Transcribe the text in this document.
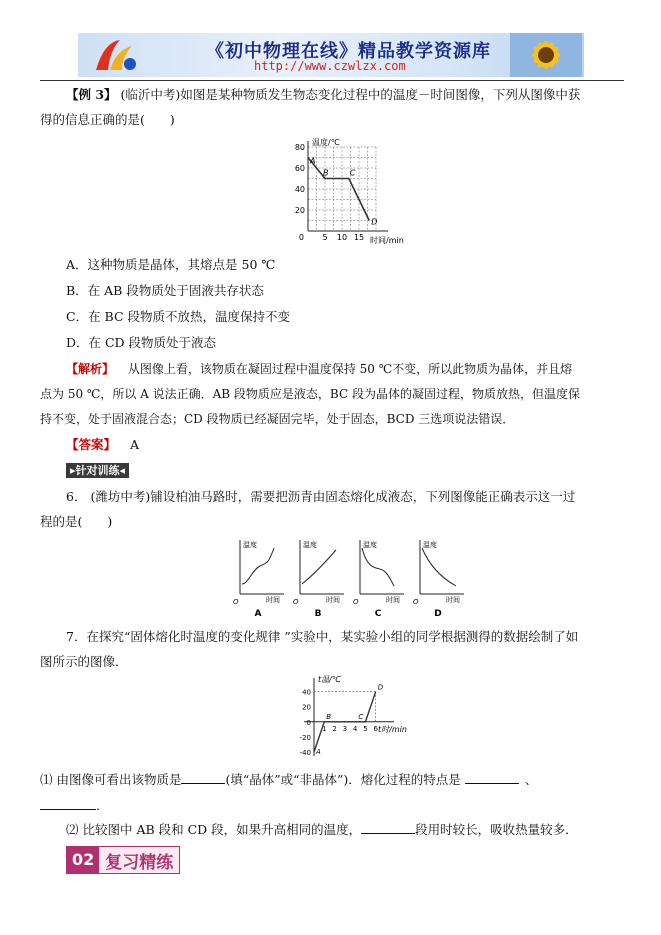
《初中物理在线》精品教学资源库
http://www.czwlzx.com
【例 3】 (临沂中考)如图是某种物质发生物态变化过程中的温度－时间图像，下列从图像中获
得的信息正确的是(　　)
20
40
60
80
5 10 15
0
A
B	C
D
温度/℃
时间/min
A．这种物质是晶体，其熔点是 50 ℃
B．在 AB 段物质处于固液共存状态
C．在 BC 段物质不放热，温度保持不变
D．在 CD 段物质处于液态
【解析】 从图像上看，该物质在凝固过程中温度保持 50 ℃不变，所以此物质为晶体，并且熔
点为 50 ℃，所以 A 说法正确．AB 段物质应是液态，BC 段为晶体的凝固过程，物质放热，但温度保
持不变，处于固液混合态；CD 段物质已经凝固完毕，处于固态，BCD 三选项说法错误．
【答案】 A
▸针对训练◂
6． (潍坊中考)铺设柏油马路时，需要把沥青由固态熔化成液态，下列图像能正确表示这一过
程的是(　　)
温度
时间
O
A
温度
时间
O
B
温度
时间
O
C
温度
时间
O
D
7．在探究“固体熔化时温度的变化规律 ”实验中，某实验小组的同学根据测得的数据绘制了如
图所示的图像．
-40
-20
0
20
40
1 2 3 4 5 6
A
B	C
D
t温/℃
t时/min
⑴ 由图像可看出该物质是	(填“晶体”或“非晶体”)．熔化过程的特点是	、
.
⑵ 比较图中 AB 段和 CD 段，如果升高相同的温度，	段用时较长，吸收热量较多．
02 复习精练
